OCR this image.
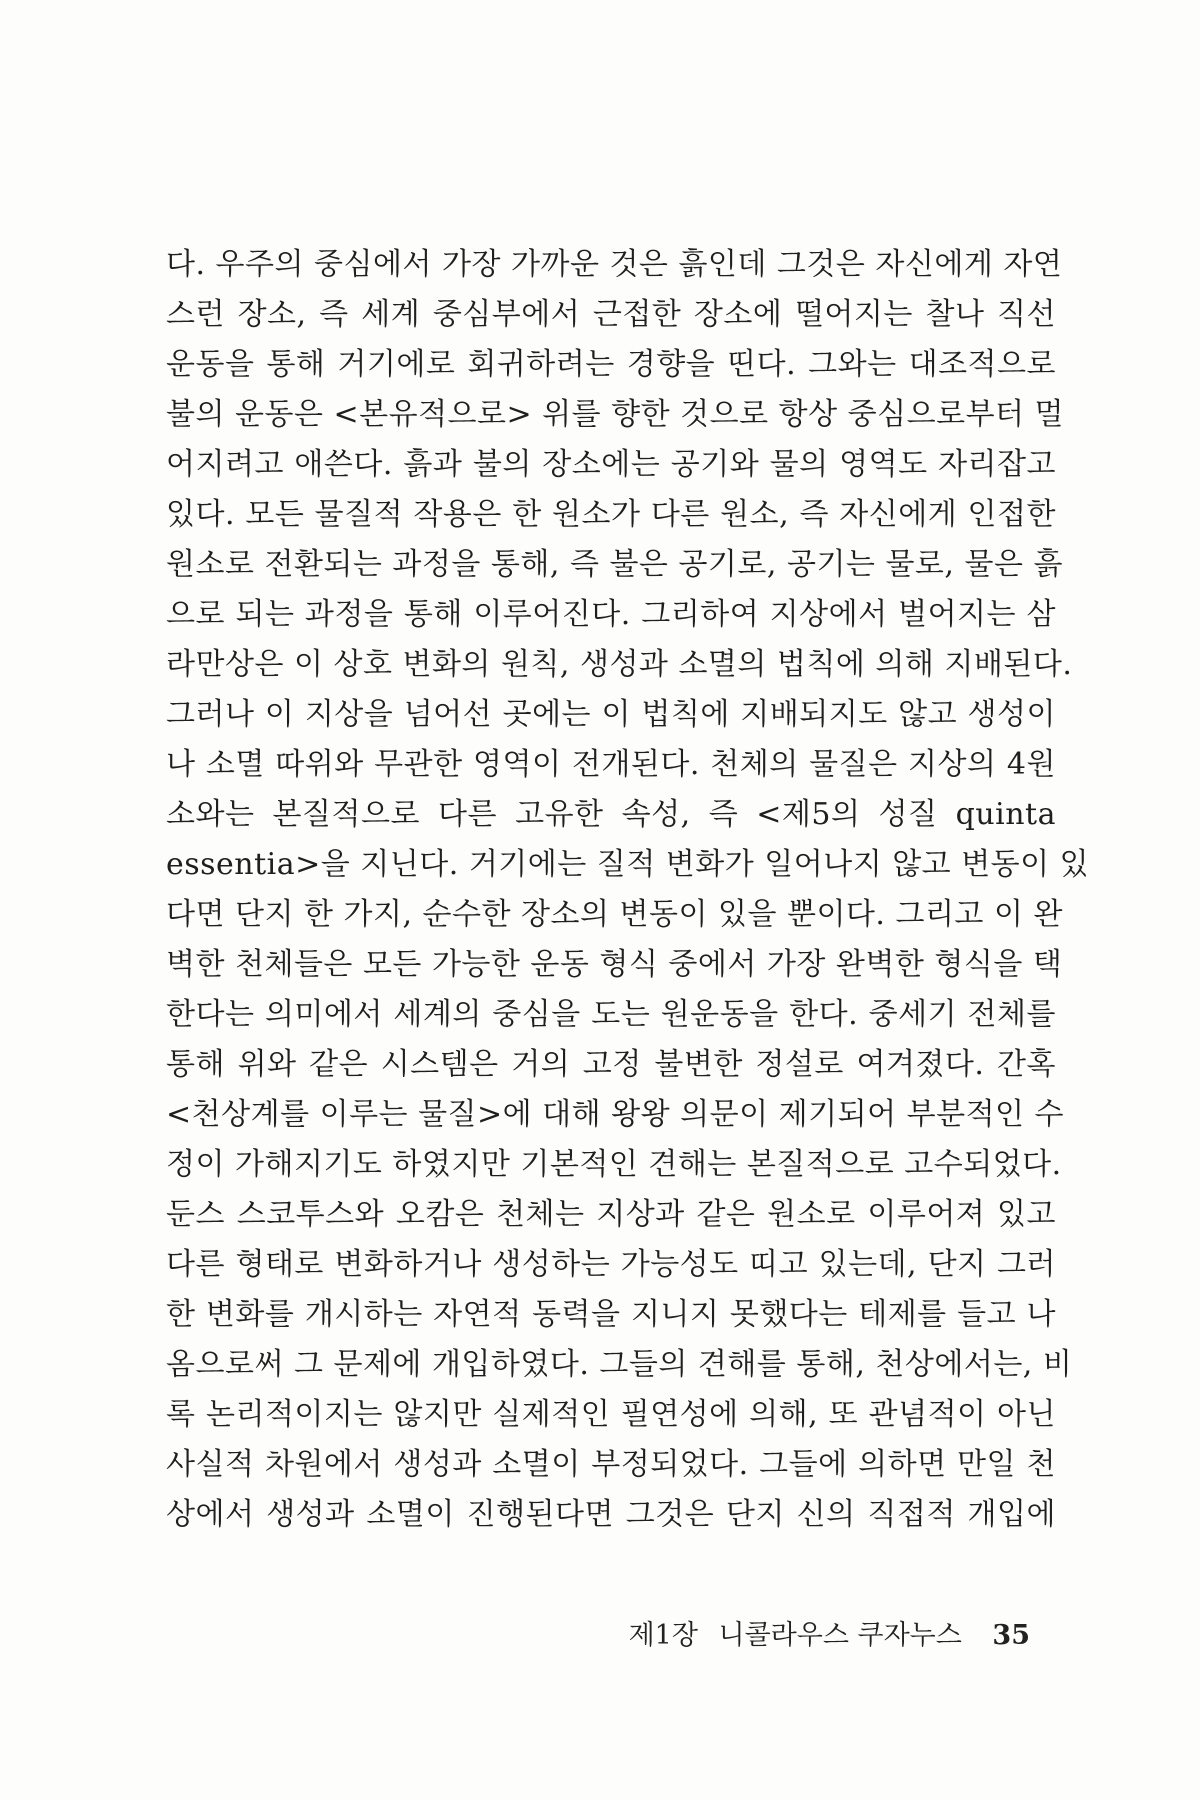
다. 우주의 중심에서 가장 가까운 것은 흙인데 그것은 자신에게 자연
스런 장소, 즉 세계 중심부에서 근접한 장소에 떨어지는 찰나 직선
운동을 통해 거기에로 회귀하려는 경향을 띤다. 그와는 대조적으로
불의 운동은 <본유적으로> 위를 향한 것으로 항상 중심으로부터 멀
어지려고 애쓴다. 흙과 불의 장소에는 공기와 물의 영역도 자리잡고
있다. 모든 물질적 작용은 한 원소가 다른 원소, 즉 자신에게 인접한
원소로 전환되는 과정을 통해, 즉 불은 공기로, 공기는 물로, 물은 흙
으로 되는 과정을 통해 이루어진다. 그리하여 지상에서 벌어지는 삼
라만상은 이 상호 변화의 원칙, 생성과 소멸의 법칙에 의해 지배된다.
그러나 이 지상을 넘어선 곳에는 이 법칙에 지배되지도 않고 생성이
나 소멸 따위와 무관한 영역이 전개된다. 천체의 물질은 지상의 4원
소와는 본질적으로 다른 고유한 속성, 즉 <제5의 성질 quinta
essentia>을 지닌다. 거기에는 질적 변화가 일어나지 않고 변동이 있
다면 단지 한 가지, 순수한 장소의 변동이 있을 뿐이다. 그리고 이 완
벽한 천체들은 모든 가능한 운동 형식 중에서 가장 완벽한 형식을 택
한다는 의미에서 세계의 중심을 도는 원운동을 한다. 중세기 전체를
통해 위와 같은 시스템은 거의 고정 불변한 정설로 여겨졌다. 간혹
<천상계를 이루는 물질>에 대해 왕왕 의문이 제기되어 부분적인 수
정이 가해지기도 하였지만 기본적인 견해는 본질적으로 고수되었다.
둔스 스코투스와 오캄은 천체는 지상과 같은 원소로 이루어져 있고
다른 형태로 변화하거나 생성하는 가능성도 띠고 있는데, 단지 그러
한 변화를 개시하는 자연적 동력을 지니지 못했다는 테제를 들고 나
옴으로써 그 문제에 개입하였다. 그들의 견해를 통해, 천상에서는, 비
록 논리적이지는 않지만 실제적인 필연성에 의해, 또 관념적이 아닌
사실적 차원에서 생성과 소멸이 부정되었다. 그들에 의하면 만일 천
상에서 생성과 소멸이 진행된다면 그것은 단지 신의 직접적 개입에
제1장 니콜라우스 쿠자누스 35
